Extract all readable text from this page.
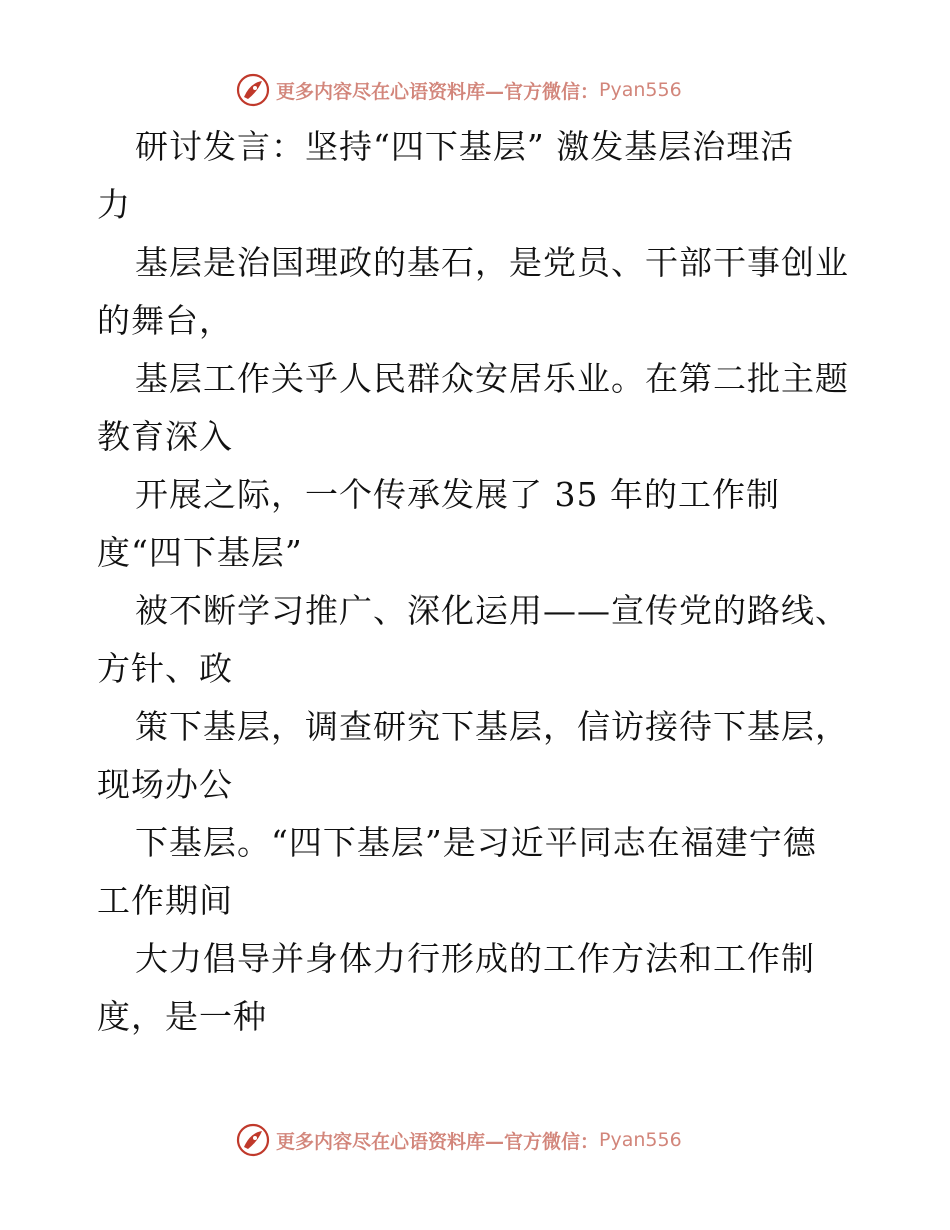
更多内容尽在心语资料库—官方微信： Pyan556
研讨发言：坚持“四下基层” 激发基层治理活
力
基层是治国理政的基石，是党员、干部干事创业
的舞台，
基层工作关乎人民群众安居乐业。在第二批主题
教育深入
开展之际，一个传承发展了 35 年的工作制
度“四下基层”
被不断学习推广、深化运用——宣传党的路线、
方针、政
策下基层，调查研究下基层，信访接待下基层，
现场办公
下基层。“四下基层”是习近平同志在福建宁德
工作期间
大力倡导并身体力行形成的工作方法和工作制
度，是一种
更多内容尽在心语资料库—官方微信： Pyan556
